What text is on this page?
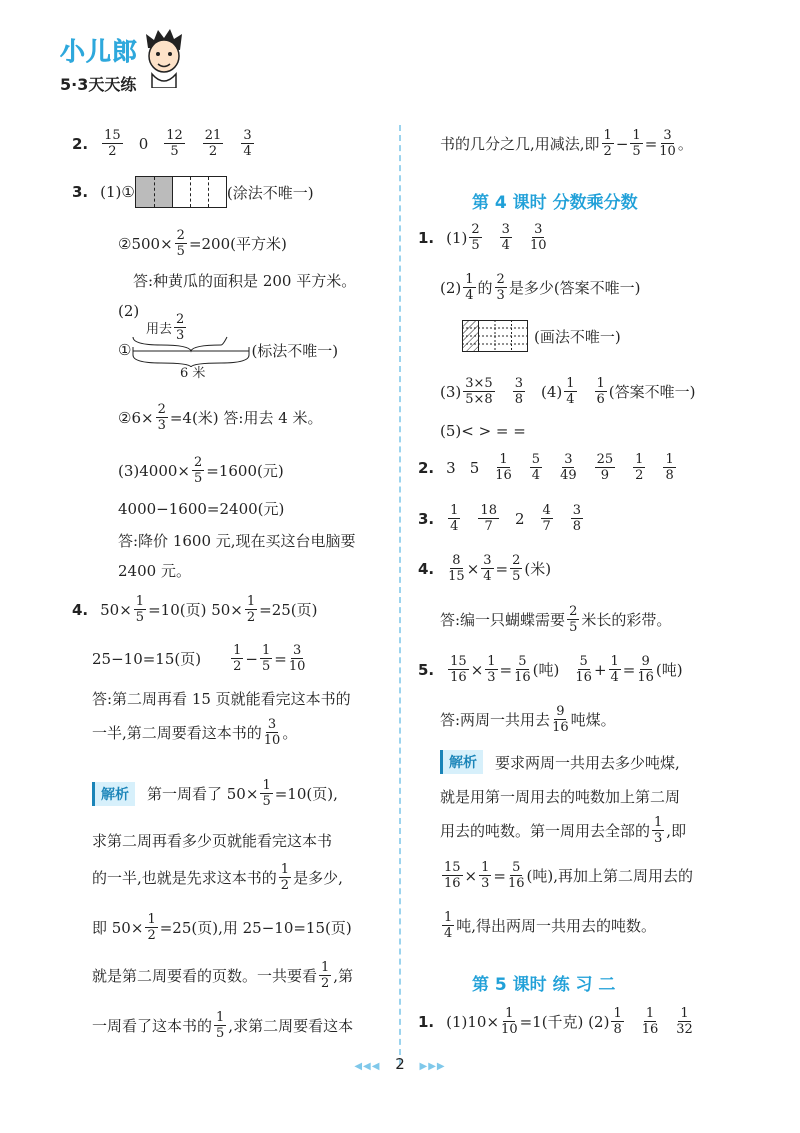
小儿郎
5·3天天练
2. 15
2 0 12
5
21
2
3
4
3. (1)①	(涂法不唯一)
②500× $\frac{2}{5} =200$(平方米)
答:种黄瓜的面积是 200 平方米。
(2)
用去
2
3
①	(标法不唯一)
6 米
②6× $\frac{2}{3} =4$(米) 答:用去 4 米。
$(3)4000\times \frac{2}{5} =1600$(元)
4000−1600=2400(元)
答:降价 1600 元,现在买这台电脑要
2400 元。
4. $50\times \frac{1}{5} =10$(页) $50\times \frac{1}{2} =25$(页)
25−10=15(页) 1
$2 - \frac{1}{5} = \frac{3}{10}$
答:第二周再看 15 页就能看完这本书的
一半,第二周要看这本书的 3
10 。
解析	第一周看了 $50\times \frac{1}{5} =10$(页),
求第二周再看多少页就能看完这本书
的一半,也就是先求这本书的 1
2 是多少,
即 $50\times \frac{1}{2} =25$(页),用 25−10=15(页)
就是第二周要看的页数。一共要看 1
2 ,第
一周看了这本书的 1
5 ,求第二周要看这本
书的几分之几,用减法,即 1
$2 - \frac{1}{5} = \frac{3}{10}$ 。
第 4 课时 分数乘分数
1. (1) 2
5
3
4
3
10
(2) 1
4 的 2
3 是多少(答案不唯一)
(画法不唯一)
(3) 3×5
5×8
3
8 (4) 1
4
1
6 (答案不唯一)
(5)< > = =
2. 3 5 1
16
5
4
3
49
25
9
1
2
1
8
3. 1
4
18
7 2 4
7
3
8
4. $\frac{8}{15} \times \frac{3}{4} = \frac{2}{5}$ (米)
答:编一只蝴蝶需要 2
5 米长的彩带。
5. $\frac{15}{16} \times \frac{1}{3} = \frac{5}{16}$ (吨) 5
$16 + \frac{1}{4} = \frac{9}{16}$ (吨)
答:两周一共用去 9
16 吨煤。
解析	要求两周一共用去多少吨煤,
就是用第一周用去的吨数加上第二周
用去的吨数。第一周用去全部的 1
3 ,即
$\frac{15}{16} \times \frac{1}{3} = \frac{5}{16}$ (吨),再加上第二周用去的
1
4 吨,得出两周一共用去的吨数。
第 5 课时 练 习 二
1. $(1)10\times \frac{1}{10} =1$(千克) (2) 1
8
1
16
1
32
◀◀◀ 2 ▶▶▶
